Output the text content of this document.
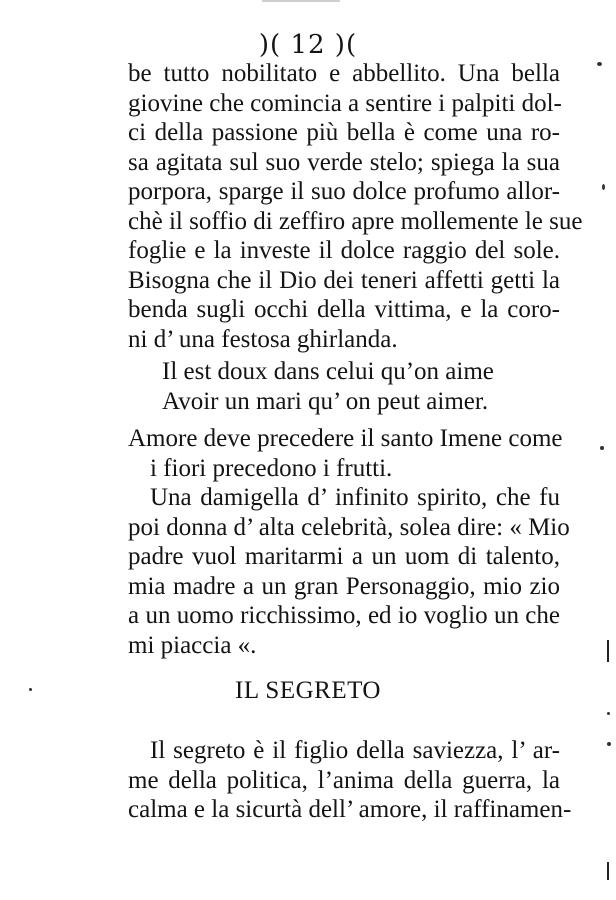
)( 12 )(
be tutto nobilitato e abbellito. Una bella
giovine che comincia a sentire i palpiti dol-
ci della passione più bella è come una ro-
sa agitata sul suo verde stelo; spiega la sua
porpora, sparge il suo dolce profumo allor-
chè il soffio di zeffiro apre mollemente le sue
foglie e la investe il dolce raggio del sole.
Bisogna che il Dio dei teneri affetti getti la
benda sugli occhi della vittima, e la coro-
ni d’ una festosa ghirlanda.
Il est doux dans celui qu’on aime
Avoir un mari qu’ on peut aimer.
Amore deve precedere il santo Imene come
i fiori precedono i frutti.
Una damigella d’ infinito spirito, che fu
poi donna d’ alta celebrità, solea dire: « Mio
padre vuol maritarmi a un uom di talento,
mia madre a un gran Personaggio, mio zio
a un uomo ricchissimo, ed io voglio un che
mi piaccia «.
IL SEGRETO
Il segreto è il figlio della saviezza, l’ ar-
me della politica, l’anima della guerra, la
calma e la sicurtà dell’ amore, il raffinamen-
